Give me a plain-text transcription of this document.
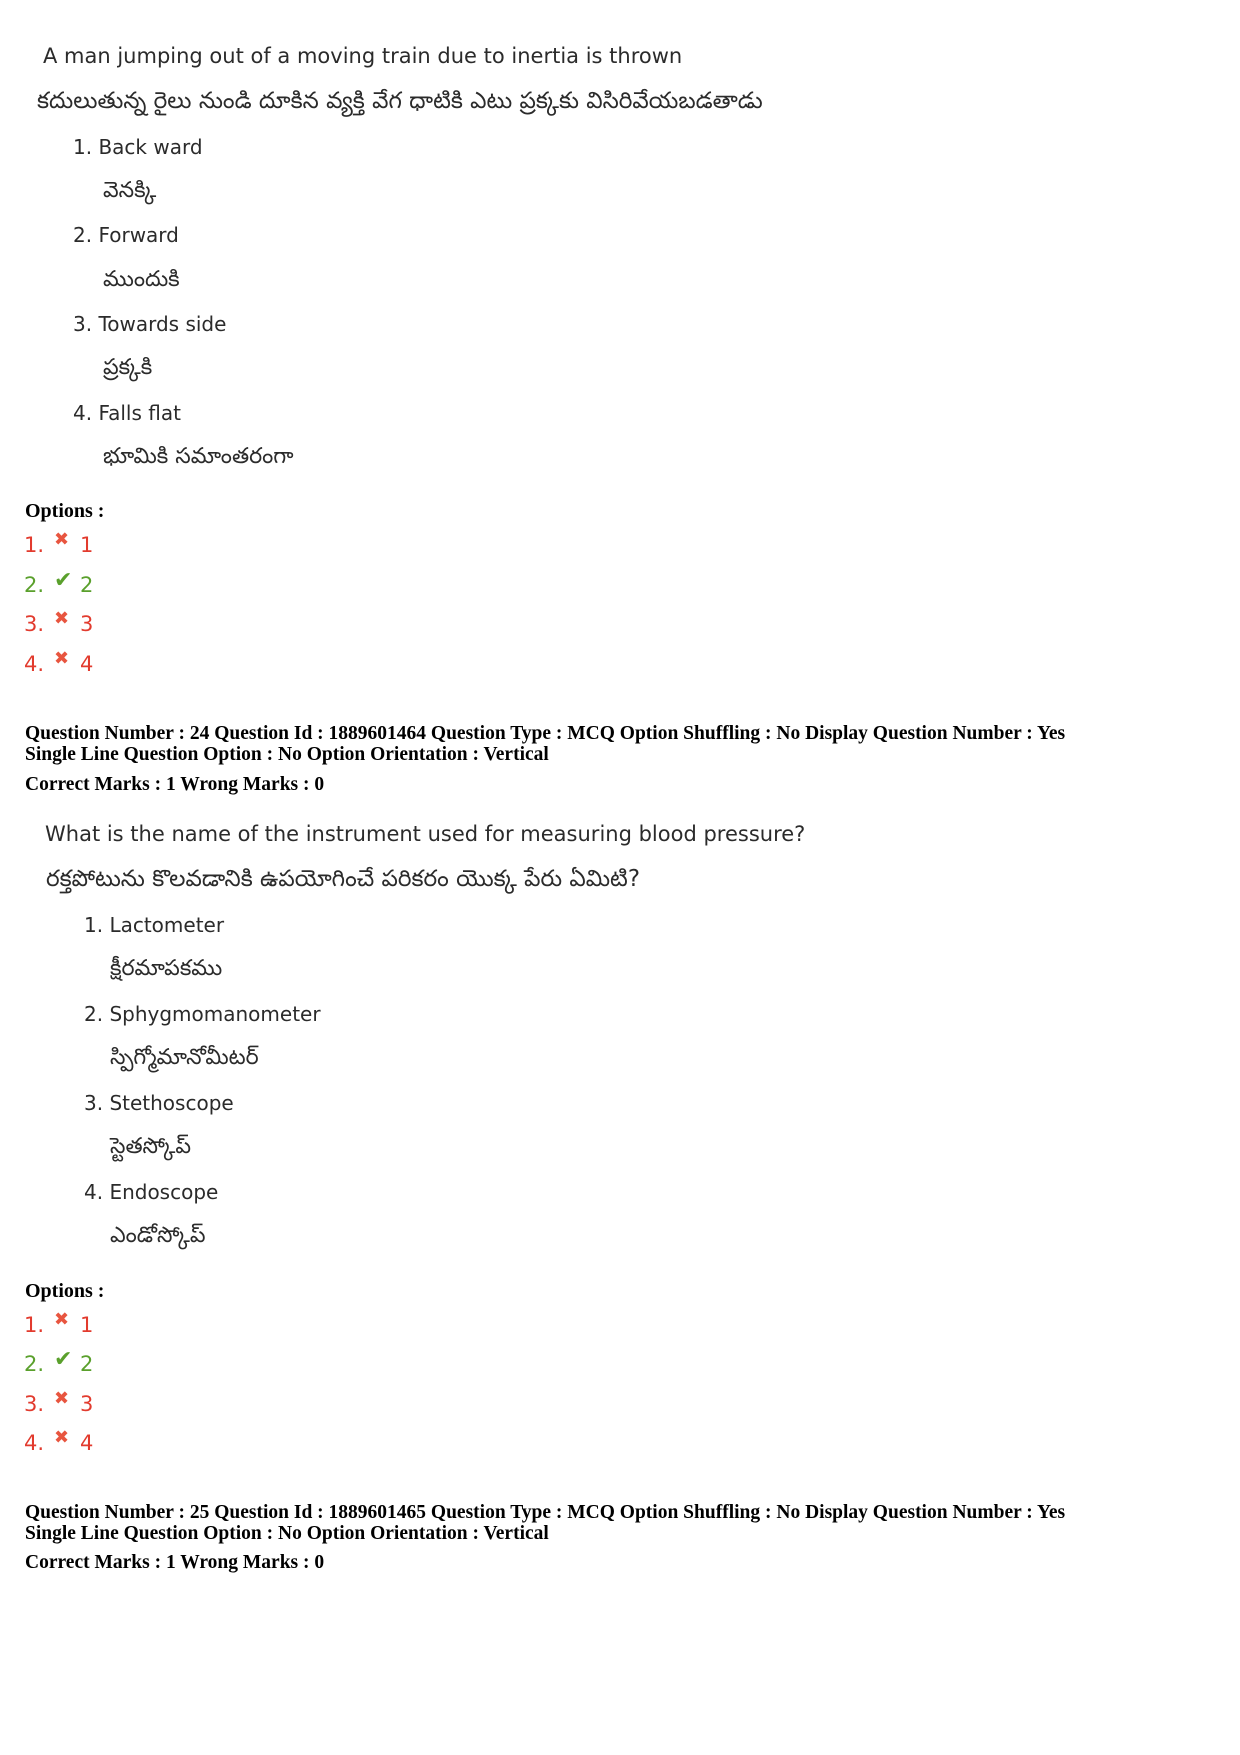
A man jumping out of a moving train due to inertia is thrown
కదులుతున్న రైలు నుండి దూకిన వ్యక్తి వేగ ధాటికి ఎటు ప్రక్కకు విసిరివేయబడతాడు
1. Back ward
వెనక్కి
2. Forward
ముందుకి
3. Towards side
ప్రక్కకి
4. Falls flat
భూమికి సమాంతరంగా
Options :
1. ✖ 1
2. ✔ 2
3. ✖ 3
4. ✖ 4
Question Number : 24 Question Id : 1889601464 Question Type : MCQ Option Shuffling : No Display Question Number : Yes
Single Line Question Option : No Option Orientation : Vertical
Correct Marks : 1 Wrong Marks : 0
What is the name of the instrument used for measuring blood pressure?
రక్తపోటును కొలవడానికి ఉపయోగించే పరికరం యొక్క పేరు ఏమిటి?
1. Lactometer
క్షీరమాపకము
2. Sphygmomanometer
స్పిగ్మోమానోమీటర్
3. Stethoscope
స్టెతస్కోప్
4. Endoscope
ఎండోస్కోప్
Options :
1. ✖ 1
2. ✔ 2
3. ✖ 3
4. ✖ 4
Question Number : 25 Question Id : 1889601465 Question Type : MCQ Option Shuffling : No Display Question Number : Yes
Single Line Question Option : No Option Orientation : Vertical
Correct Marks : 1 Wrong Marks : 0
